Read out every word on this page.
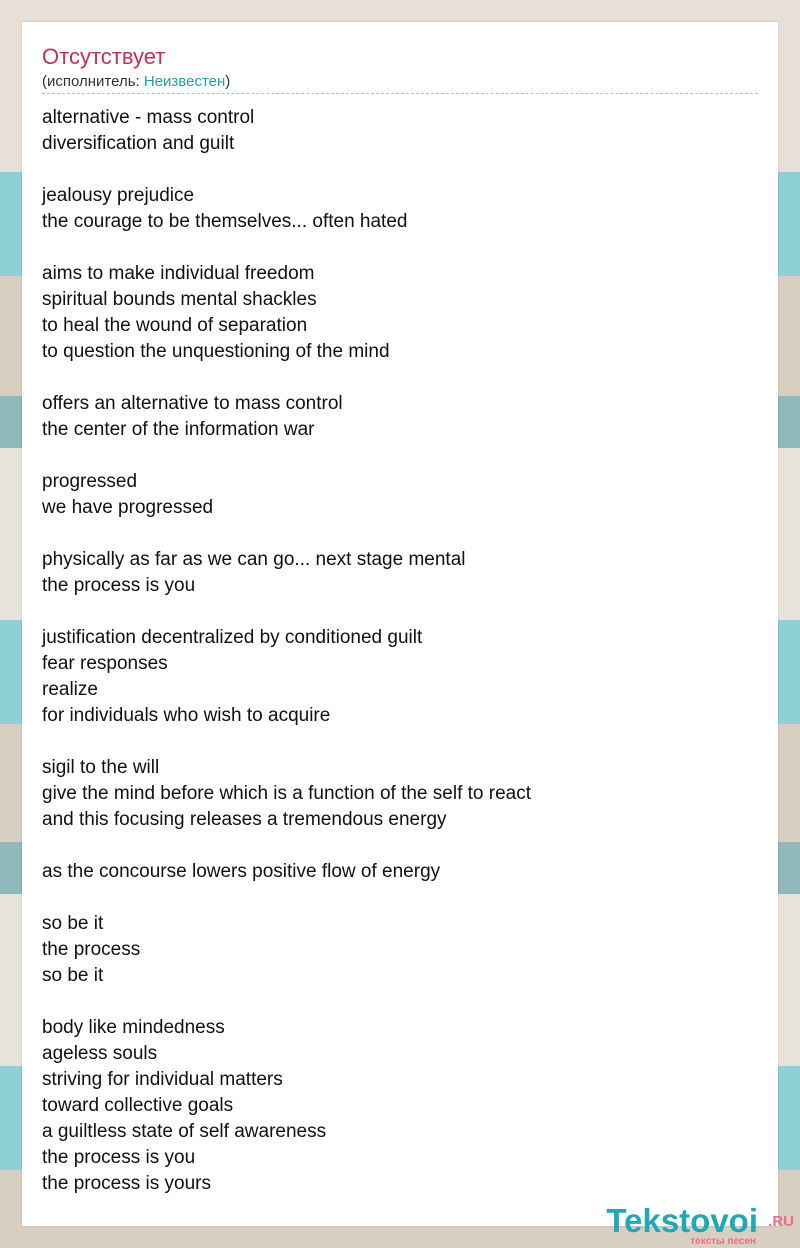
Отсутствует
(исполнитель: Неизвестен)
alternative - mass control
diversification and guilt
jealousy prejudice
the courage to be themselves... often hated
aims to make individual freedom
spiritual bounds mental shackles
to heal the wound of separation
to question the unquestioning of the mind
offers an alternative to mass control
the center of the information war
progressed
we have progressed
physically as far as we can go... next stage mental
the process is you
justification decentralized by conditioned guilt
fear responses
realize
for individuals who wish to acquire
sigil to the will
give the mind before which is a function of the self to react
and this focusing releases a tremendous energy
as the concourse lowers positive flow of energy
so be it
the process
so be it
body like mindedness
ageless souls
striving for individual matters
toward collective goals
a guiltless state of self awareness
the process is you
the process is yours
Tekstovoi .RU
тексты песен
